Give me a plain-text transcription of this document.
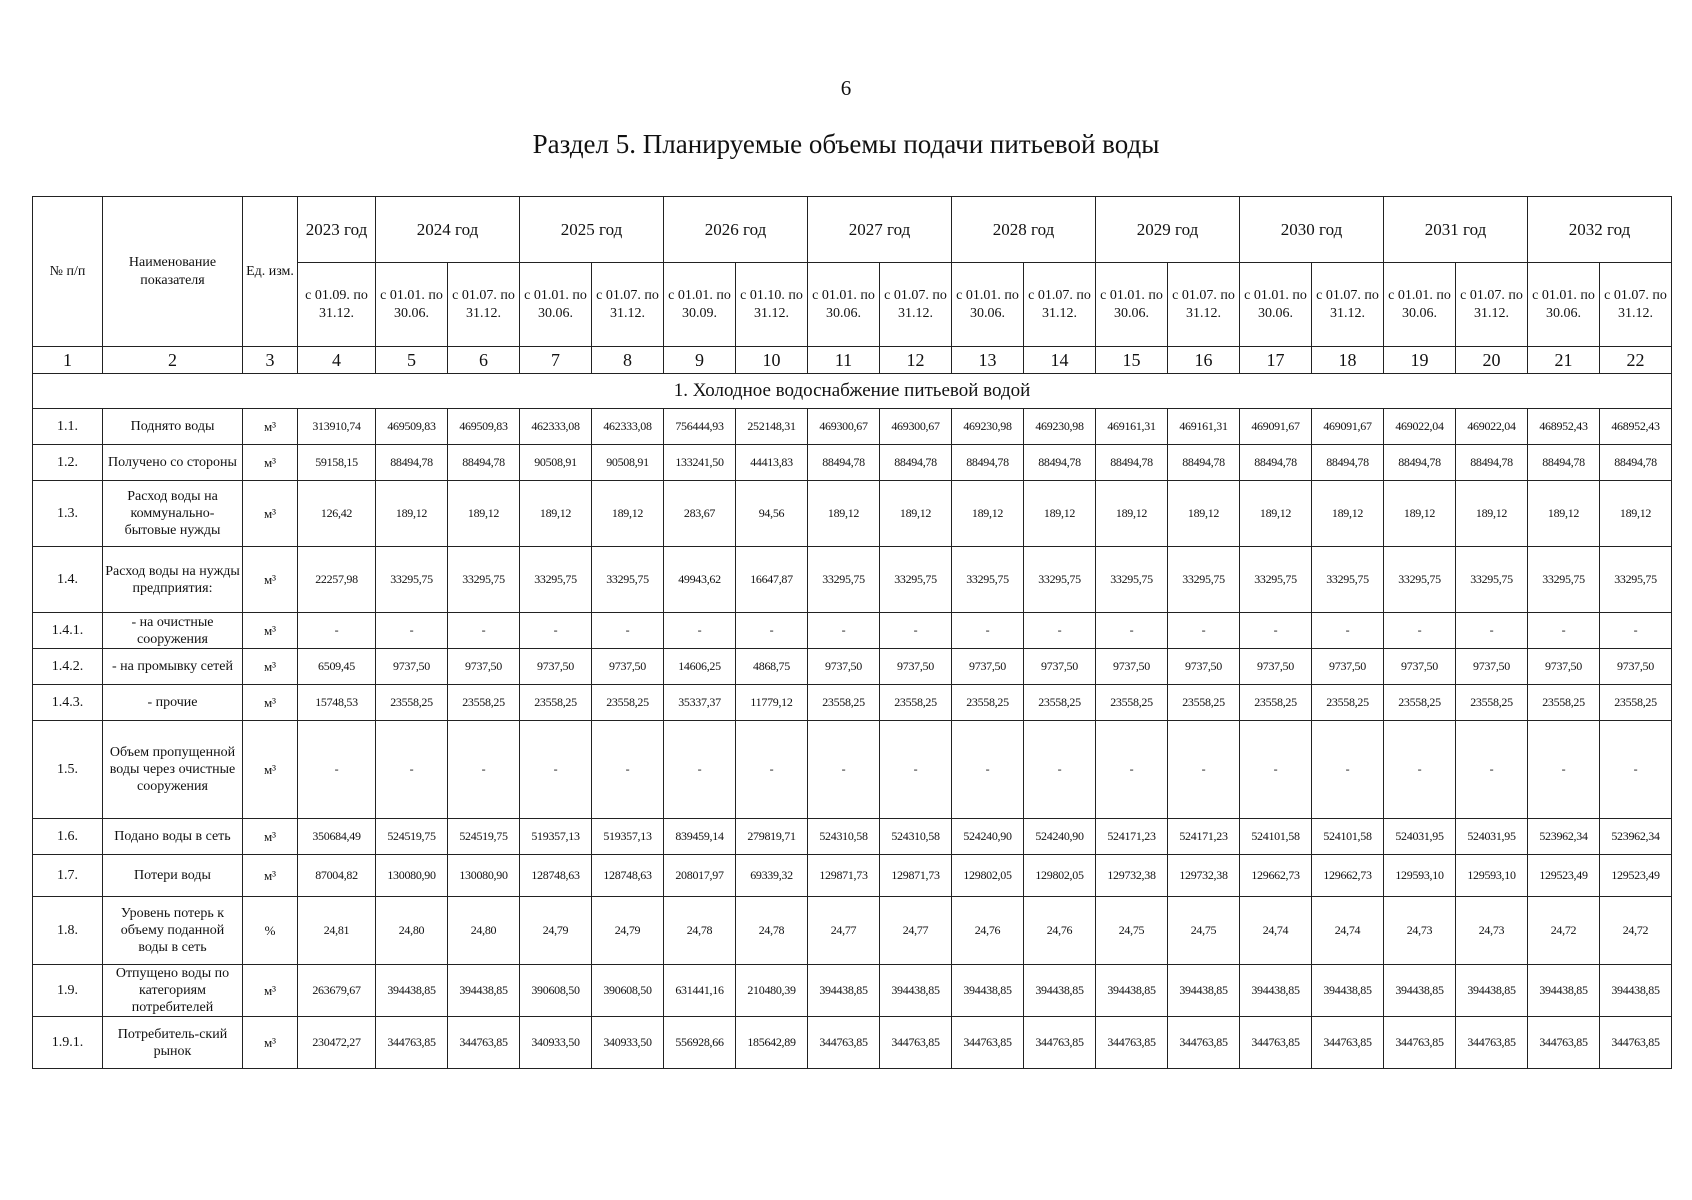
6
Раздел 5. Планируемые объемы подачи питьевой воды
№ п/п	Наименование показателя	Ед. изм.	2023 год	2024 год		2025 год		2026 год		2027 год		2028 год		2029 год		2030 год		2031 год		2032 год	
			с 01.09. по 31.12.	с 01.01. по 30.06.	с 01.07. по 31.12.	с 01.01. по 30.06.	с 01.07. по 31.12.	с 01.01. по 30.09.	с 01.10. по 31.12.	с 01.01. по 30.06.	с 01.07. по 31.12.	с 01.01. по 30.06.	с 01.07. по 31.12.	с 01.01. по 30.06.	с 01.07. по 31.12.	с 01.01. по 30.06.	с 01.07. по 31.12.	с 01.01. по 30.06.	с 01.07. по 31.12.	с 01.01. по 30.06.	с 01.07. по 31.12.
1	2	3	4	5	6	7	8	9	10	11	12	13	14	15	16	17	18	19	20	21	22
1. Холодное водоснабжение питьевой водой																					
1.1.	Поднято воды	м³	313910,74	469509,83	469509,83	462333,08	462333,08	756444,93	252148,31	469300,67	469300,67	469230,98	469230,98	469161,31	469161,31	469091,67	469091,67	469022,04	469022,04	468952,43	468952,43
1.2.	Получено со стороны	м³	59158,15	88494,78	88494,78	90508,91	90508,91	133241,50	44413,83	88494,78	88494,78	88494,78	88494,78	88494,78	88494,78	88494,78	88494,78	88494,78	88494,78	88494,78	88494,78
1.3.	Расход воды на коммунально-бытовые нужды	м³	126,42	189,12	189,12	189,12	189,12	283,67	94,56	189,12	189,12	189,12	189,12	189,12	189,12	189,12	189,12	189,12	189,12	189,12	189,12
1.4.	Расход воды на нужды предприятия:	м³	22257,98	33295,75	33295,75	33295,75	33295,75	49943,62	16647,87	33295,75	33295,75	33295,75	33295,75	33295,75	33295,75	33295,75	33295,75	33295,75	33295,75	33295,75	33295,75
1.4.1.	- на очистные сооружения	м³	-	-	-	-	-	-	-	-	-	-	-	-	-	-	-	-	-	-	-
1.4.2.	- на промывку сетей	м³	6509,45	9737,50	9737,50	9737,50	9737,50	14606,25	4868,75	9737,50	9737,50	9737,50	9737,50	9737,50	9737,50	9737,50	9737,50	9737,50	9737,50	9737,50	9737,50
1.4.3.	- прочие	м³	15748,53	23558,25	23558,25	23558,25	23558,25	35337,37	11779,12	23558,25	23558,25	23558,25	23558,25	23558,25	23558,25	23558,25	23558,25	23558,25	23558,25	23558,25	23558,25
1.5.	Объем пропущенной воды через очистные сооружения	м³	-	-	-	-	-	-	-	-	-	-	-	-	-	-	-	-	-	-	-
1.6.	Подано воды в сеть	м³	350684,49	524519,75	524519,75	519357,13	519357,13	839459,14	279819,71	524310,58	524310,58	524240,90	524240,90	524171,23	524171,23	524101,58	524101,58	524031,95	524031,95	523962,34	523962,34
1.7.	Потери воды	м³	87004,82	130080,90	130080,90	128748,63	128748,63	208017,97	69339,32	129871,73	129871,73	129802,05	129802,05	129732,38	129732,38	129662,73	129662,73	129593,10	129593,10	129523,49	129523,49
1.8.	Уровень потерь к объему поданной воды в сеть	%	24,81	24,80	24,80	24,79	24,79	24,78	24,78	24,77	24,77	24,76	24,76	24,75	24,75	24,74	24,74	24,73	24,73	24,72	24,72
1.9.	Отпущено воды по категориям потребителей	м³	263679,67	394438,85	394438,85	390608,50	390608,50	631441,16	210480,39	394438,85	394438,85	394438,85	394438,85	394438,85	394438,85	394438,85	394438,85	394438,85	394438,85	394438,85	394438,85
1.9.1.	Потребитель-ский рынок	м³	230472,27	344763,85	344763,85	340933,50	340933,50	556928,66	185642,89	344763,85	344763,85	344763,85	344763,85	344763,85	344763,85	344763,85	344763,85	344763,85	344763,85	344763,85	344763,85
